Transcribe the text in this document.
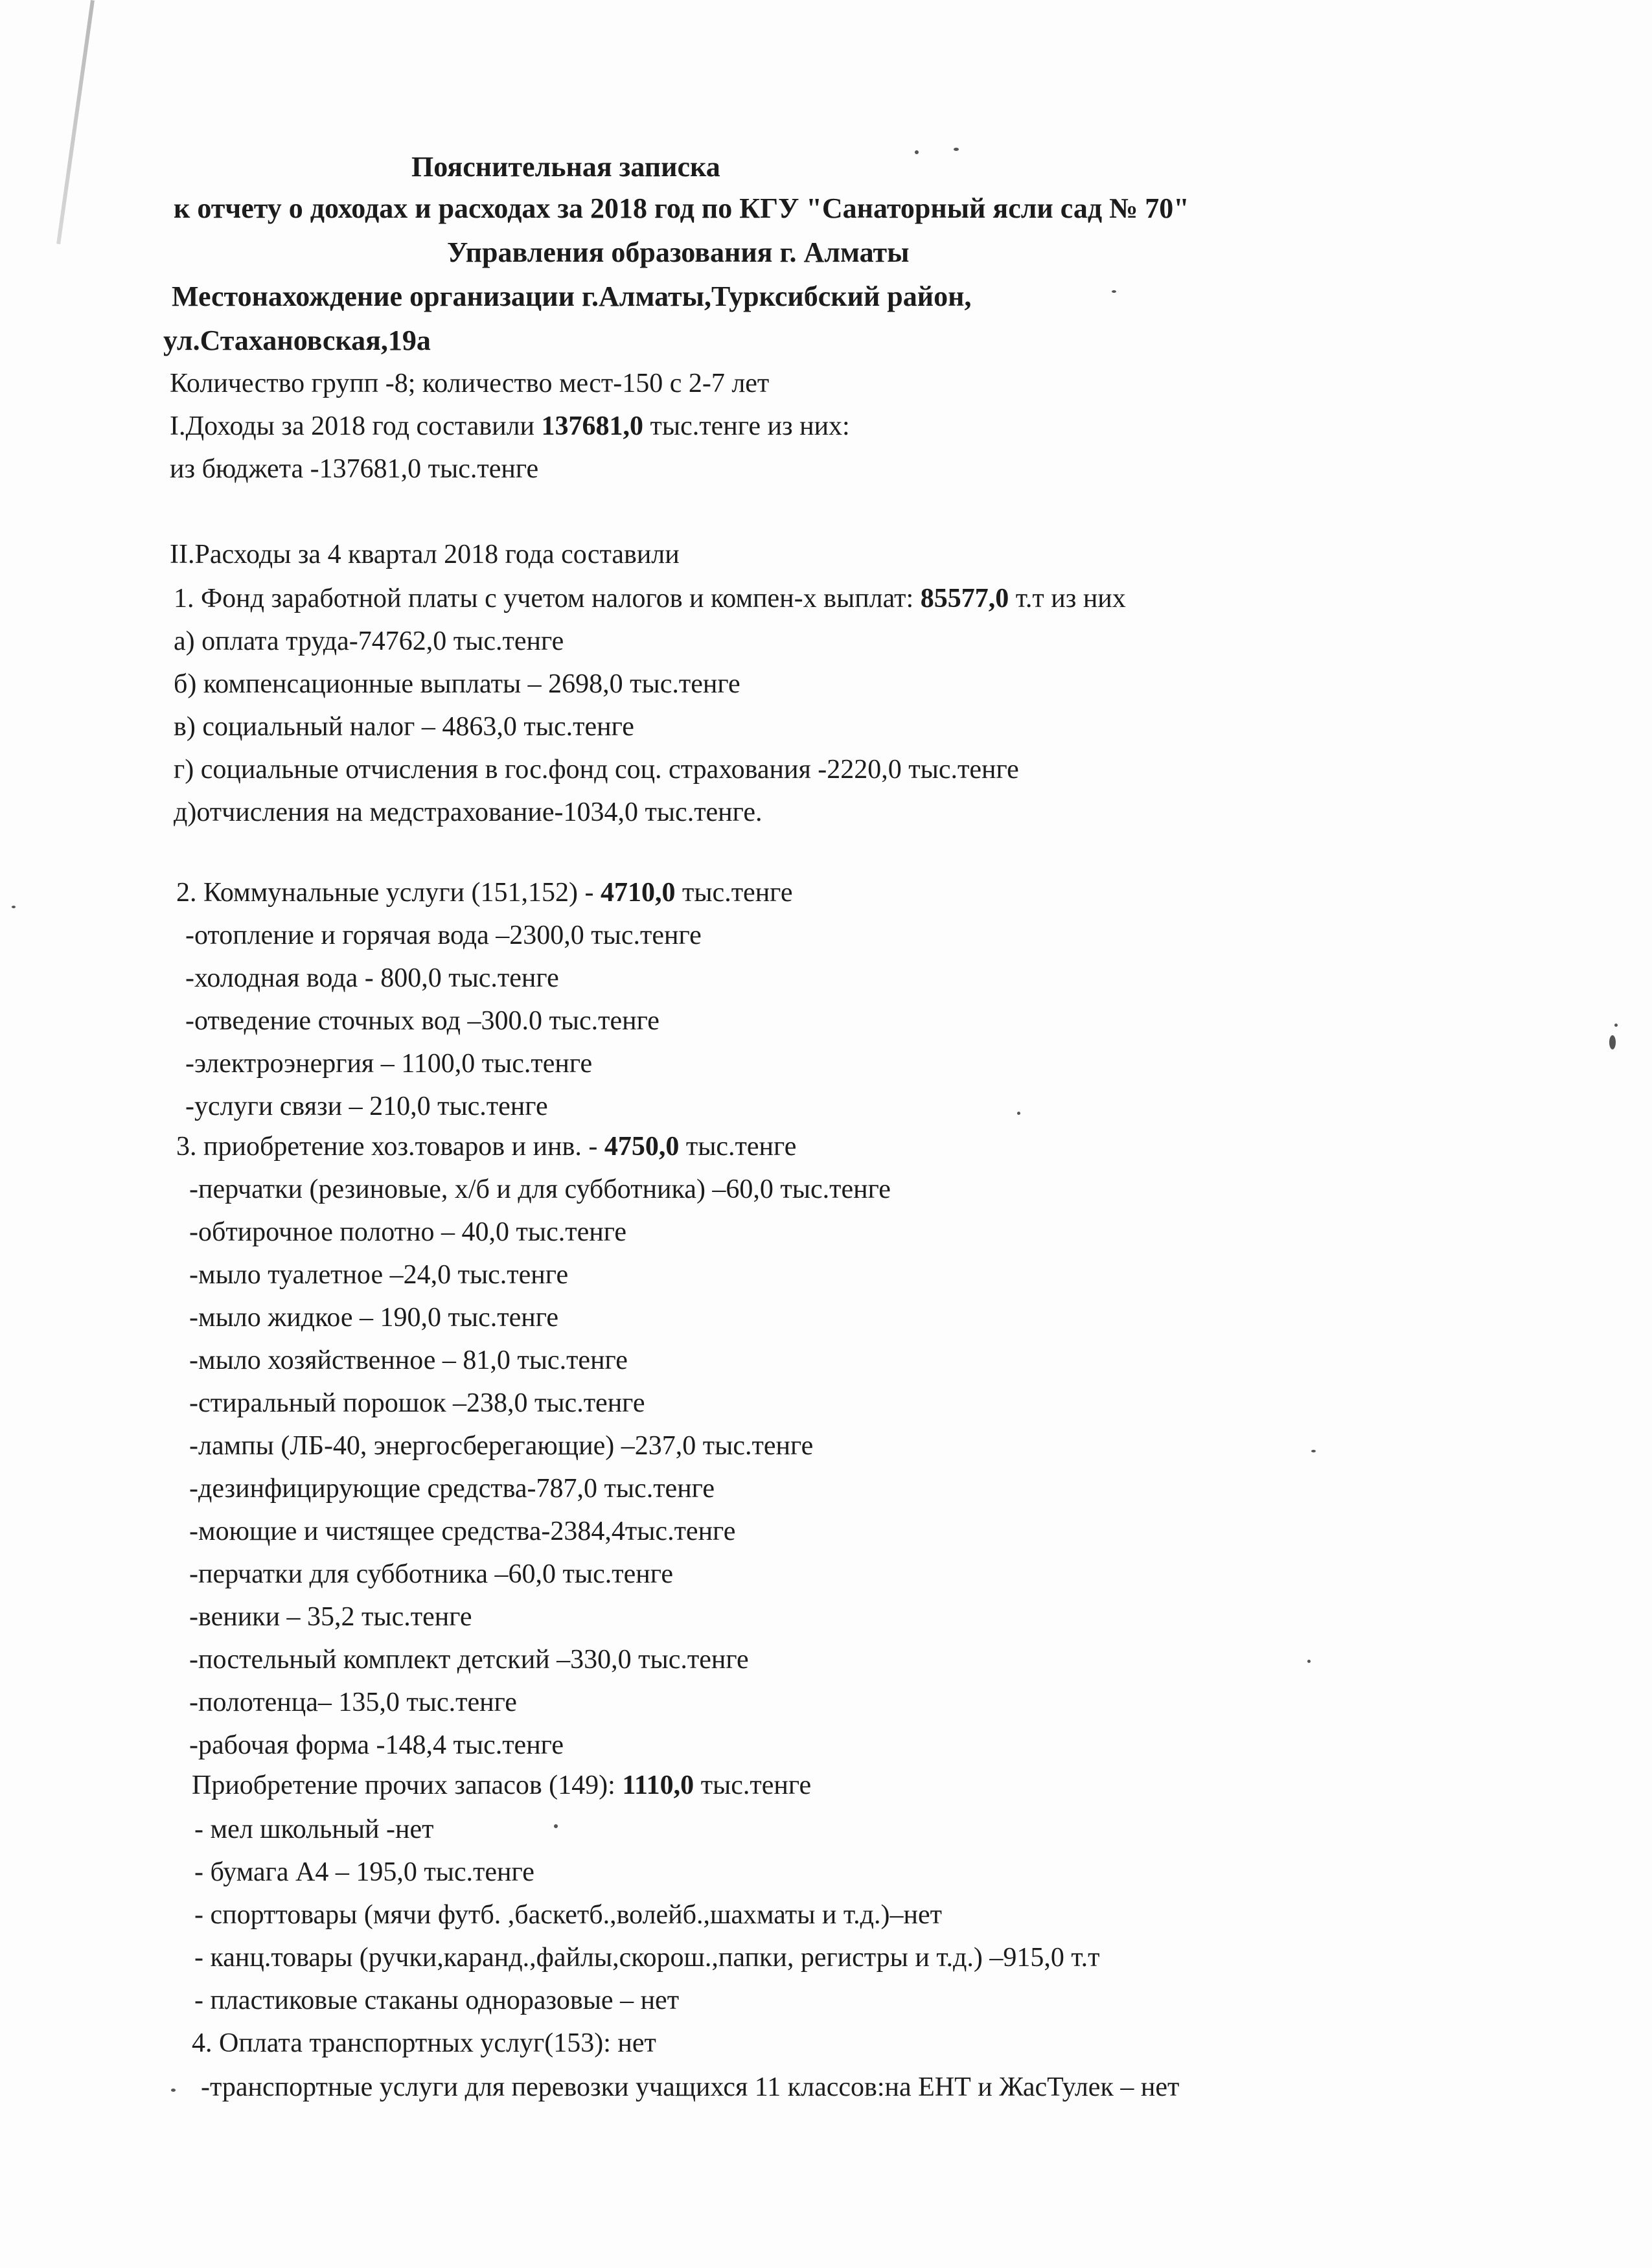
Пояснительная записка
к отчету о доходах и расходах за 2018 год по КГУ "Санаторный ясли сад № 70"
Управления образования г. Алматы
Местонахождение организации г.Алматы,Турксибский район,
ул.Стахановская,19а
Количество групп -8; количество мест-150 с 2-7 лет
I.Доходы за 2018 год составили 137681,0 тыс.тенге из них:
из бюджета -137681,0 тыс.тенге
II.Расходы за 4 квартал 2018 года составили
1. Фонд заработной платы с учетом налогов и компен-х выплат: 85577,0 т.т из них
а) оплата труда-74762,0 тыс.тенге
б) компенсационные выплаты – 2698,0 тыс.тенге
в) социальный налог – 4863,0 тыс.тенге
г) социальные отчисления в гос.фонд соц. страхования -2220,0 тыс.тенге
д)отчисления на медстрахование-1034,0 тыс.тенге.
2. Коммунальные услуги (151,152) - 4710,0 тыс.тенге
-отопление и горячая вода –2300,0 тыс.тенге
-холодная вода - 800,0 тыс.тенге
-отведение сточных вод –300.0 тыс.тенге
-электроэнергия – 1100,0 тыс.тенге
-услуги связи – 210,0 тыс.тенге
3. приобретение хоз.товаров и инв. - 4750,0 тыс.тенге
-перчатки (резиновые, х/б и для субботника) –60,0 тыс.тенге
-обтирочное полотно – 40,0 тыс.тенге
-мыло туалетное –24,0 тыс.тенге
-мыло жидкое – 190,0 тыс.тенге
-мыло хозяйственное – 81,0 тыс.тенге
-стиральный порошок –238,0 тыс.тенге
-лампы (ЛБ-40, энергосберегающие) –237,0 тыс.тенге
-дезинфицирующие средства-787,0 тыс.тенге
-моющие и чистящее средства-2384,4тыс.тенге
-перчатки для субботника –60,0 тыс.тенге
-веники – 35,2 тыс.тенге
-постельный комплект детский –330,0 тыс.тенге
-полотенца– 135,0 тыс.тенге
-рабочая форма -148,4 тыс.тенге
Приобретение прочих запасов (149): 1110,0 тыс.тенге
- мел школьный -нет
- бумага А4 – 195,0 тыс.тенге
- спорттовары (мячи футб. ,баскетб.,волейб.,шахматы и т.д.)–нет
- канц.товары (ручки,каранд.,файлы,скорош.,папки, регистры и т.д.) –915,0 т.т
- пластиковые стаканы одноразовые – нет
4. Оплата транспортных услуг(153): нет
-транспортные услуги для перевозки учащихся 11 классов:на ЕНТ и ЖасТулек – нет
